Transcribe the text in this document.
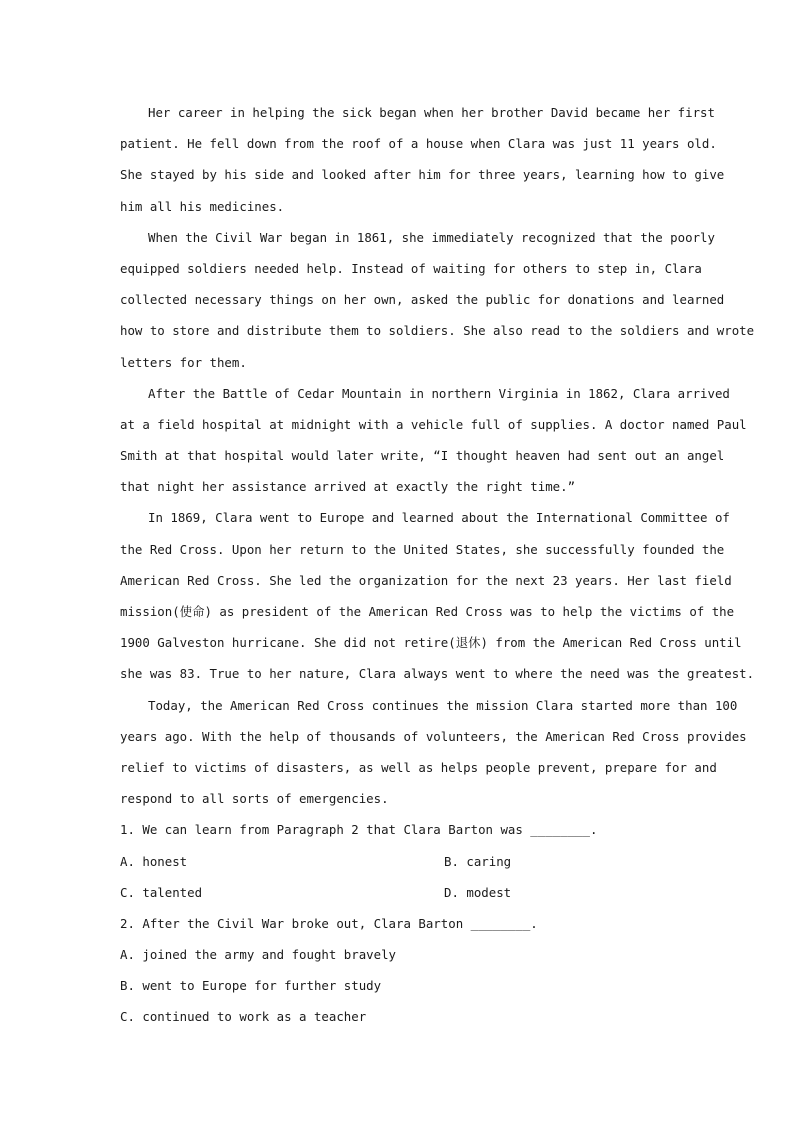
Her career in helping the sick began when her brother David became her first
patient. He fell down from the roof of a house when Clara was just 11 years old.
She stayed by his side and looked after him for three years, learning how to give
him all his medicines.
When the Civil War began in 1861, she immediately recognized that the poorly
equipped soldiers needed help. Instead of waiting for others to step in, Clara
collected necessary things on her own, asked the public for donations and learned
how to store and distribute them to soldiers. She also read to the soldiers and wrote
letters for them.
After the Battle of Cedar Mountain in northern Virginia in 1862, Clara arrived
at a field hospital at midnight with a vehicle full of supplies. A doctor named Paul
Smith at that hospital would later write, “I thought heaven had sent out an angel
that night her assistance arrived at exactly the right time.”
In 1869, Clara went to Europe and learned about the International Committee of
the Red Cross. Upon her return to the United States, she successfully founded the
American Red Cross. She led the organization for the next 23 years. Her last field
mission(使命) as president of the American Red Cross was to help the victims of the
1900 Galveston hurricane. She did not retire(退休) from the American Red Cross until
she was 83. True to her nature, Clara always went to where the need was the greatest.
Today, the American Red Cross continues the mission Clara started more than 100
years ago. With the help of thousands of volunteers, the American Red Cross provides
relief to victims of disasters, as well as helps people prevent, prepare for and
respond to all sorts of emergencies.
1. We can learn from Paragraph 2 that Clara Barton was ________.
A. honest	B. caring
C. talented	D. modest
2. After the Civil War broke out, Clara Barton ________.
A. joined the army and fought bravely
B. went to Europe for further study
C. continued to work as a teacher
